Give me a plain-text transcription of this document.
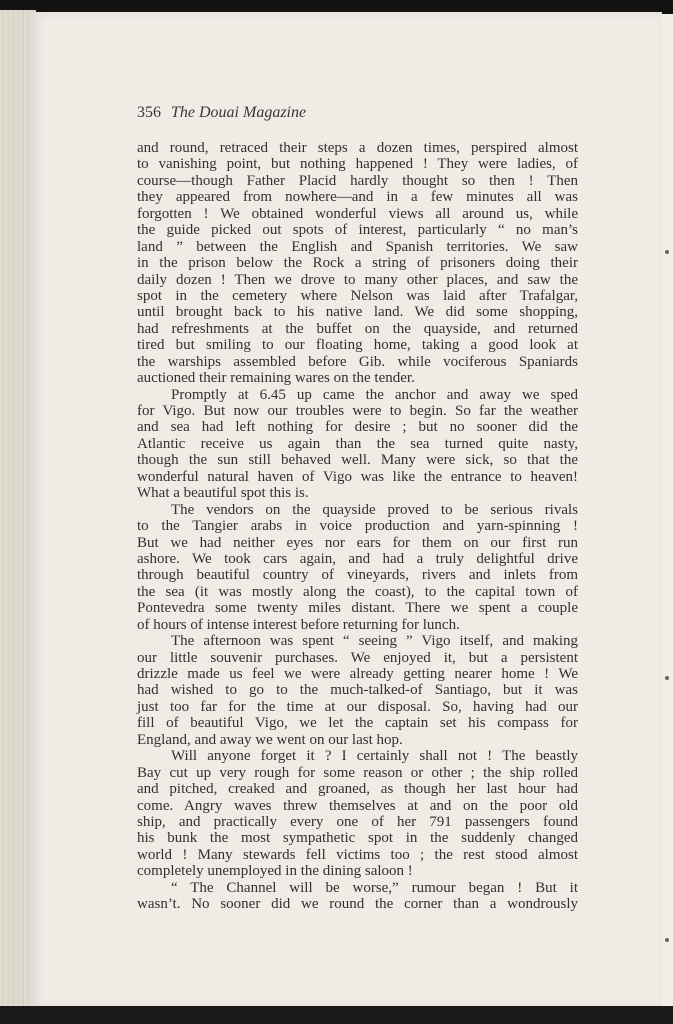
356 The Douai Magazine
and round, retraced their steps a dozen times, perspired almost
to vanishing point, but nothing happened ! They were ladies, of
course—though Father Placid hardly thought so then ! Then
they appeared from nowhere—and in a few minutes all was
forgotten ! We obtained wonderful views all around us, while
the guide picked out spots of interest, particularly “ no man’s
land ” between the English and Spanish territories. We saw
in the prison below the Rock a string of prisoners doing their
daily dozen ! Then we drove to many other places, and saw the
spot in the cemetery where Nelson was laid after Trafalgar,
until brought back to his native land. We did some shopping,
had refreshments at the buffet on the quayside, and returned
tired but smiling to our floating home, taking a good look at
the warships assembled before Gib. while vociferous Spaniards
auctioned their remaining wares on the tender.
Promptly at 6.45 up came the anchor and away we sped
for Vigo. But now our troubles were to begin. So far the weather
and sea had left nothing for desire ; but no sooner did the
Atlantic receive us again than the sea turned quite nasty,
though the sun still behaved well. Many were sick, so that the
wonderful natural haven of Vigo was like the entrance to heaven!
What a beautiful spot this is.
The vendors on the quayside proved to be serious rivals
to the Tangier arabs in voice production and yarn-spinning !
But we had neither eyes nor ears for them on our first run
ashore. We took cars again, and had a truly delightful drive
through beautiful country of vineyards, rivers and inlets from
the sea (it was mostly along the coast), to the capital town of
Pontevedra some twenty miles distant. There we spent a couple
of hours of intense interest before returning for lunch.
The afternoon was spent “ seeing ” Vigo itself, and making
our little souvenir purchases. We enjoyed it, but a persistent
drizzle made us feel we were already getting nearer home ! We
had wished to go to the much-talked-of Santiago, but it was
just too far for the time at our disposal. So, having had our
fill of beautiful Vigo, we let the captain set his compass for
England, and away we went on our last hop.
Will anyone forget it ? I certainly shall not ! The beastly
Bay cut up very rough for some reason or other ; the ship rolled
and pitched, creaked and groaned, as though her last hour had
come. Angry waves threw themselves at and on the poor old
ship, and practically every one of her 791 passengers found
his bunk the most sympathetic spot in the suddenly changed
world ! Many stewards fell victims too ; the rest stood almost
completely unemployed in the dining saloon !
“ The Channel will be worse,” rumour began ! But it
wasn’t. No sooner did we round the corner than a wondrously
